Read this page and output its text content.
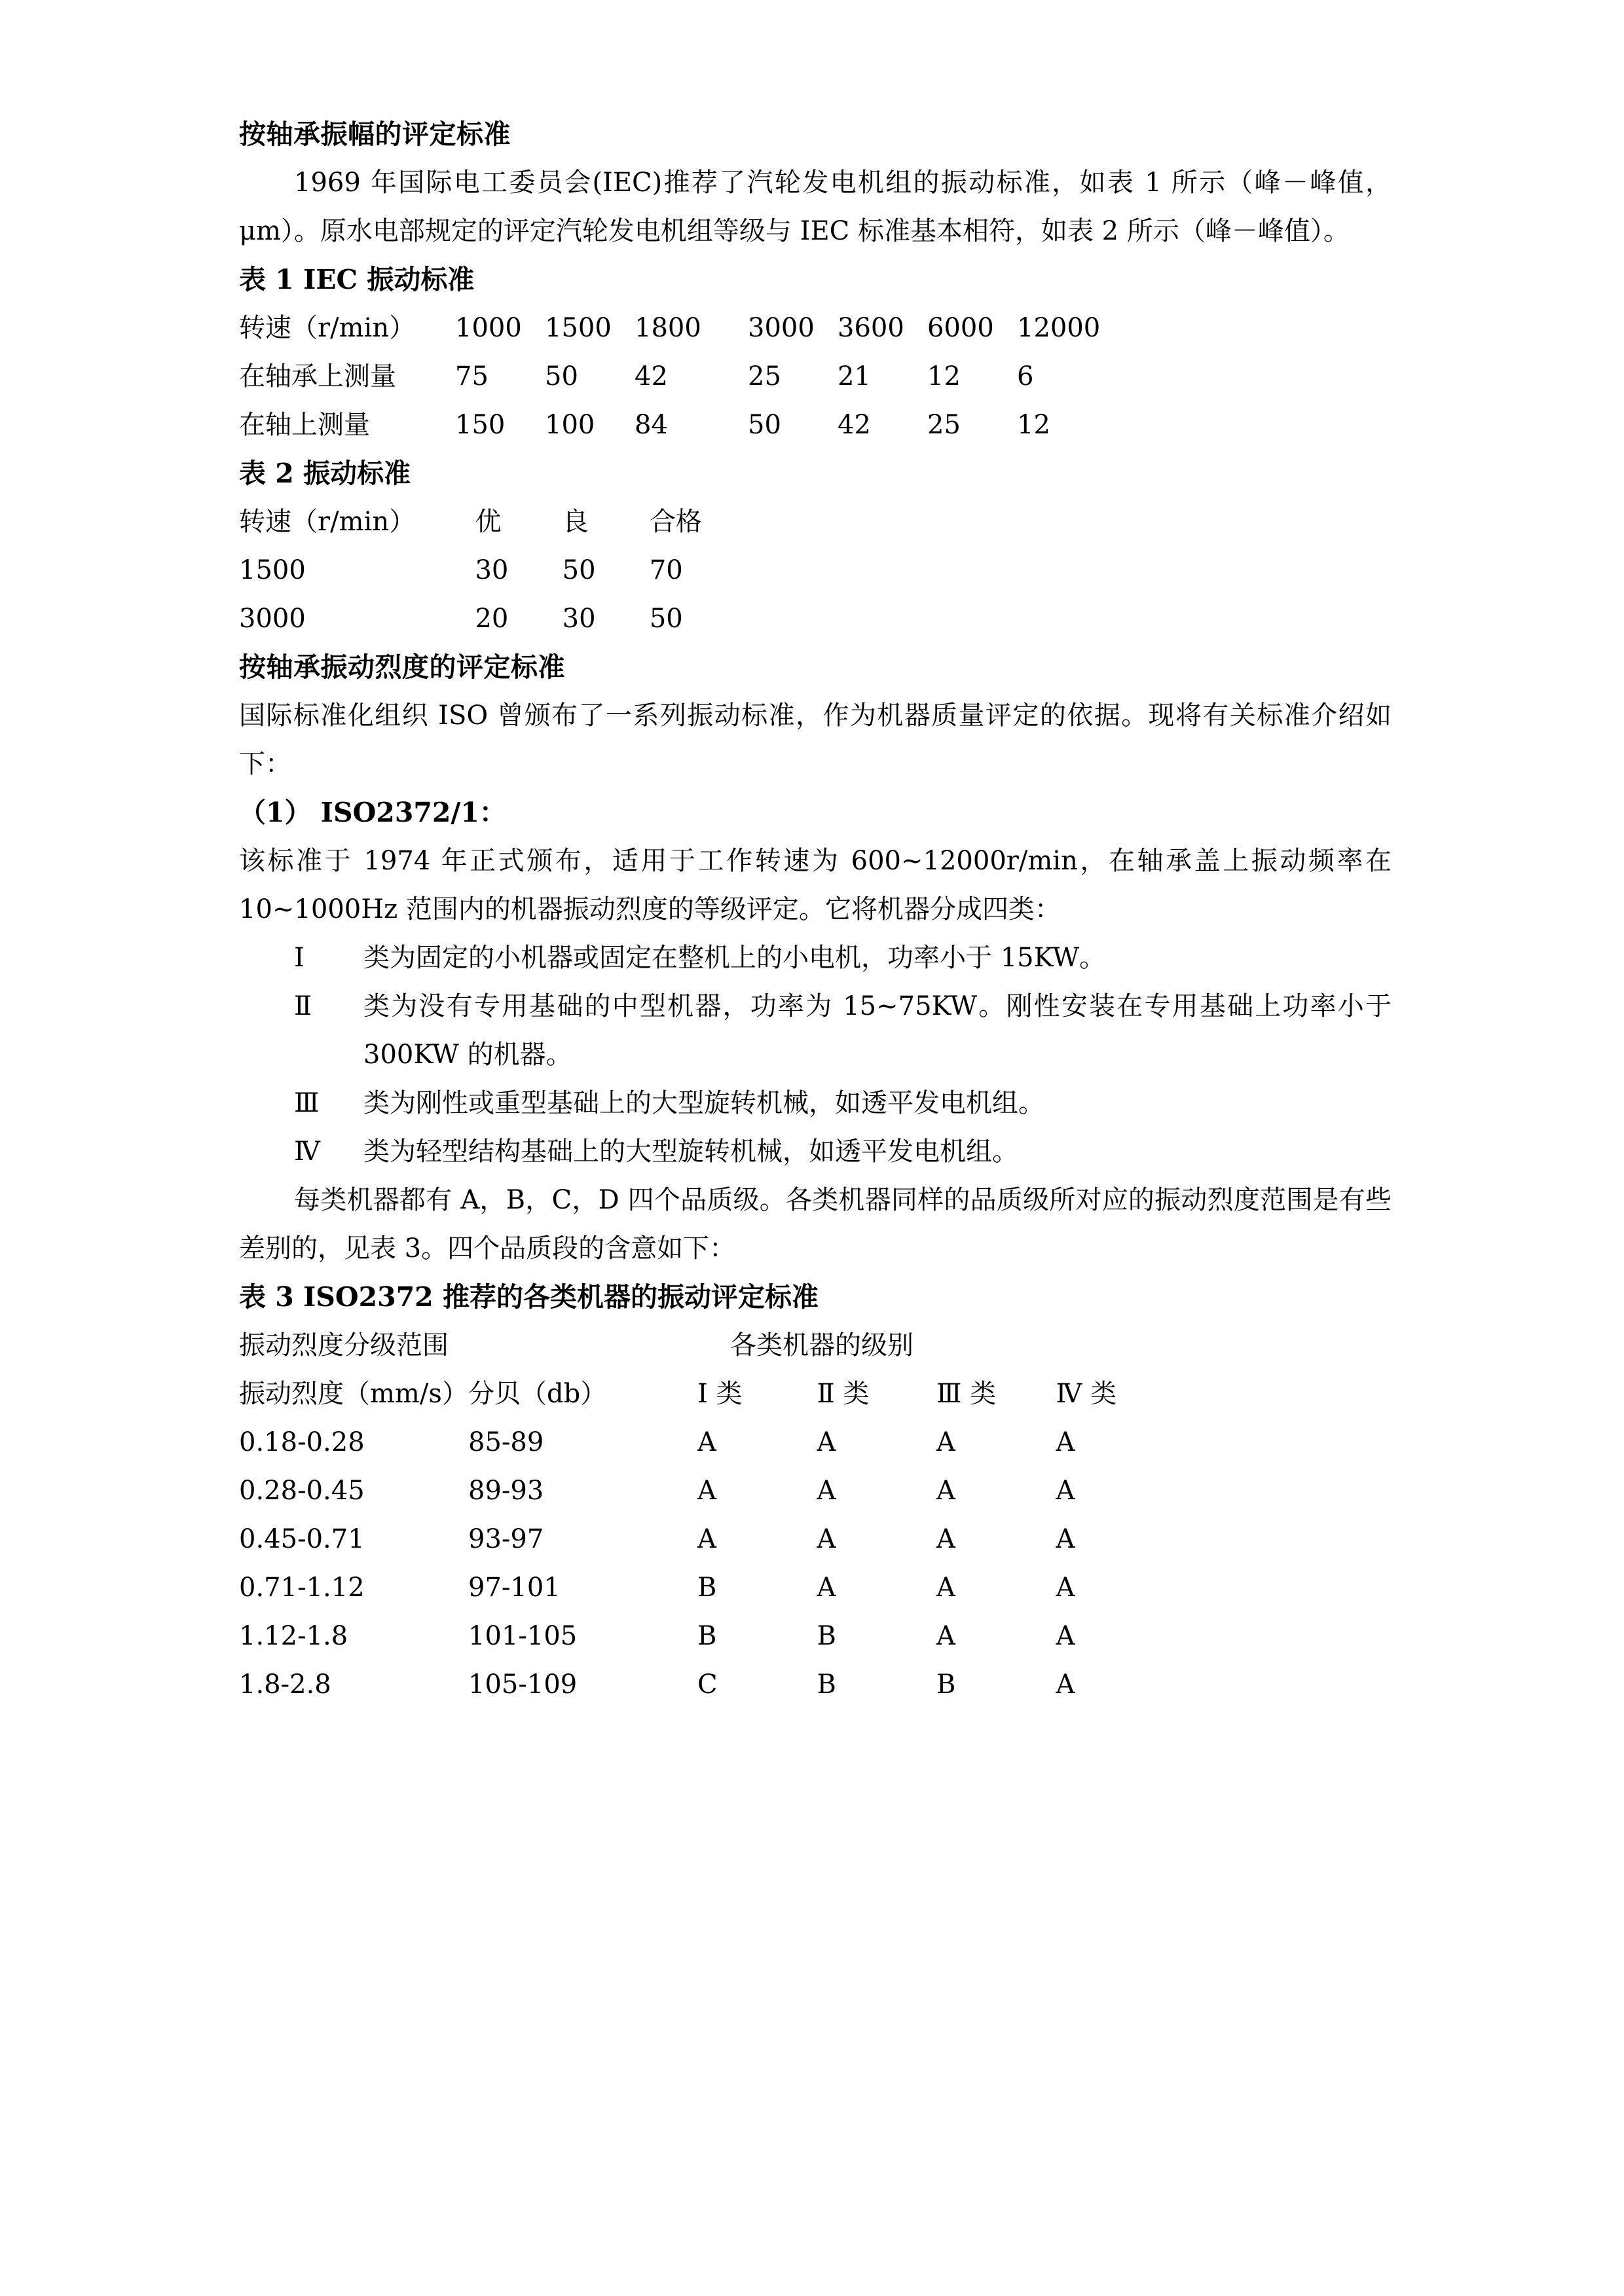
按轴承振幅的评定标准

1969 年国际电工委员会(IEC)推荐了汽轮发电机组的振动标准，如表 1 所示（峰－峰值，μm）。原水电部规定的评定汽轮发电机组等级与 IEC 标准基本相符，如表 2 所示（峰－峰值）。

表 1 IEC 振动标准

转速（r/min）	1000	1500	1800	3000	3600	6000	12000
在轴承上测量	75	50	42	25	21	12	6
在轴上测量	150	100	84	50	42	25	12

表 2 振动标准

转速（r/min）	优	良	合格
1500	30	50	70
3000	20	30	50

按轴承振动烈度的评定标准

国际标准化组织 ISO 曾颁布了一系列振动标准，作为机器质量评定的依据。现将有关标准介绍如下：

（1） ISO2372/1：

该标准于 1974 年正式颁布，适用于工作转速为 600~12000r/min，在轴承盖上振动频率在 10~1000Hz 范围内的机器振动烈度的等级评定。它将机器分成四类：

Ⅰ	类为固定的小机器或固定在整机上的小电机，功率小于 15KW。
Ⅱ	类为没有专用基础的中型机器，功率为 15~75KW。刚性安装在专用基础上功率小于 300KW 的机器。
Ⅲ	类为刚性或重型基础上的大型旋转机械，如透平发电机组。
Ⅳ	类为轻型结构基础上的大型旋转机械，如透平发电机组。

每类机器都有 A，B，C，D 四个品质级。各类机器同样的品质级所对应的振动烈度范围是有些差别的，见表 3。四个品质段的含意如下：

表 3 ISO2372 推荐的各类机器的振动评定标准

振动烈度分级范围		各类机器的级别			
振动烈度（mm/s）	分贝（db）	Ⅰ 类	Ⅱ 类	Ⅲ 类	Ⅳ 类
0.18-0.28	85-89	A	A	A	A
0.28-0.45	89-93	A	A	A	A
0.45-0.71	93-97	A	A	A	A
0.71-1.12	97-101	B	A	A	A
1.12-1.8	101-105	B	B	A	A
1.8-2.8	105-109	C	B	B	A
